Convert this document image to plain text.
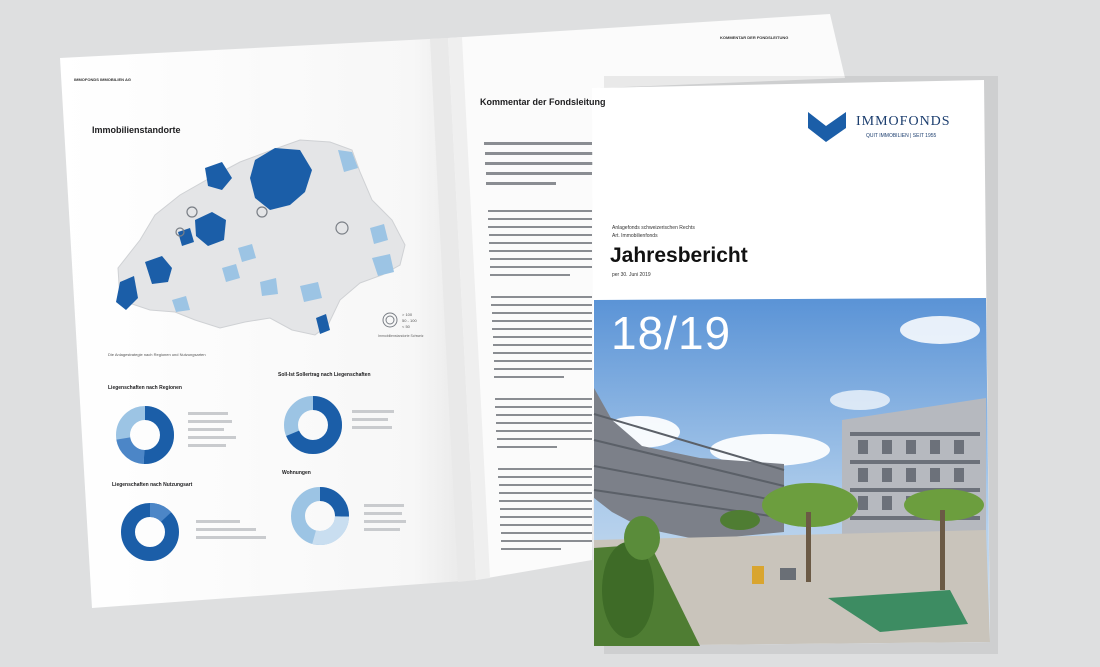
IMMOFONDS IMMOBILIEN AG
Immobilienstandorte
> 100
50 - 100
< 50
Immobilienstandorte Schweiz
Die Anlagestrategie nach Regionen und Nutzungsarten
Liegenschaften nach Regionen
Soll-Ist Sollertrag nach Liegenschaften
Liegenschaften nach Nutzungsart
Wohnungen
KOMMENTAR DER FONDSLEITUNG
Kommentar der Fondsleitung
IMMOFONDS
QUIT IMMOBILIEN | SEIT 1955
Anlagefonds schweizerischen Rechts
Art. Immobilienfonds
Jahresbericht
per 30. Juni 2019
18/19
